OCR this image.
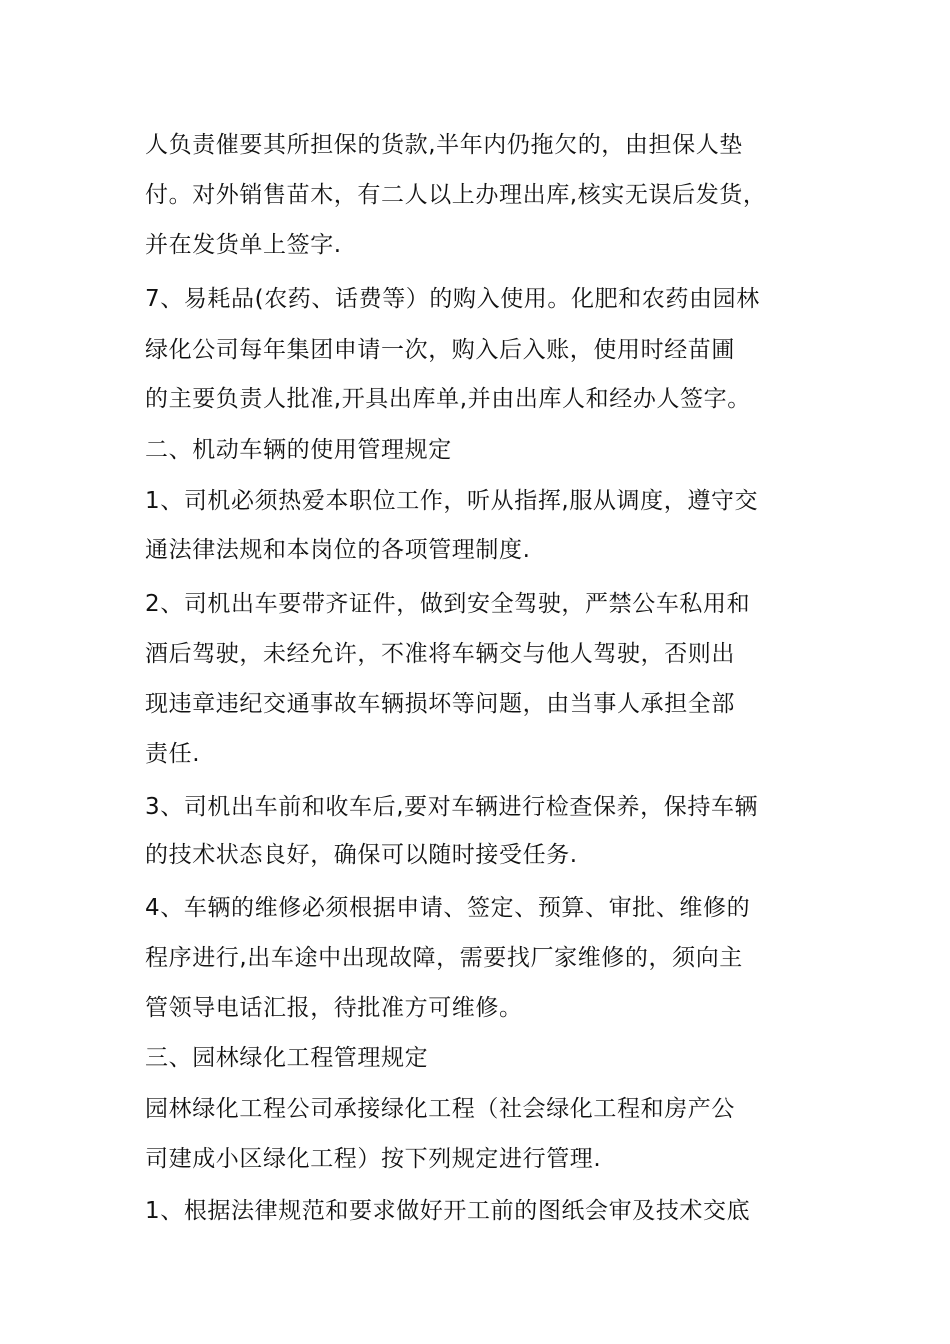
人负责催要其所担保的货款,半年内仍拖欠的，由担保人垫
付。对外销售苗木，有二人以上办理出库,核实无误后发货，
并在发货单上签字.
7、易耗品(农药、话费等）的购入使用。化肥和农药由园林
绿化公司每年集团申请一次，购入后入账，使用时经苗圃
的主要负责人批准,开具出库单,并由出库人和经办人签字。
二、机动车辆的使用管理规定
1、司机必须热爱本职位工作，听从指挥,服从调度，遵守交
通法律法规和本岗位的各项管理制度.
2、司机出车要带齐证件，做到安全驾驶，严禁公车私用和
酒后驾驶，未经允许，不准将车辆交与他人驾驶，否则出
现违章违纪交通事故车辆损坏等问题，由当事人承担全部
责任.
3、司机出车前和收车后,要对车辆进行检查保养，保持车辆
的技术状态良好，确保可以随时接受任务.
4、车辆的维修必须根据申请、签定、预算、审批、维修的
程序进行,出车途中出现故障，需要找厂家维修的，须向主
管领导电话汇报，待批准方可维修。
三、园林绿化工程管理规定
园林绿化工程公司承接绿化工程（社会绿化工程和房产公
司建成小区绿化工程）按下列规定进行管理.
1、根据法律规范和要求做好开工前的图纸会审及技术交底
